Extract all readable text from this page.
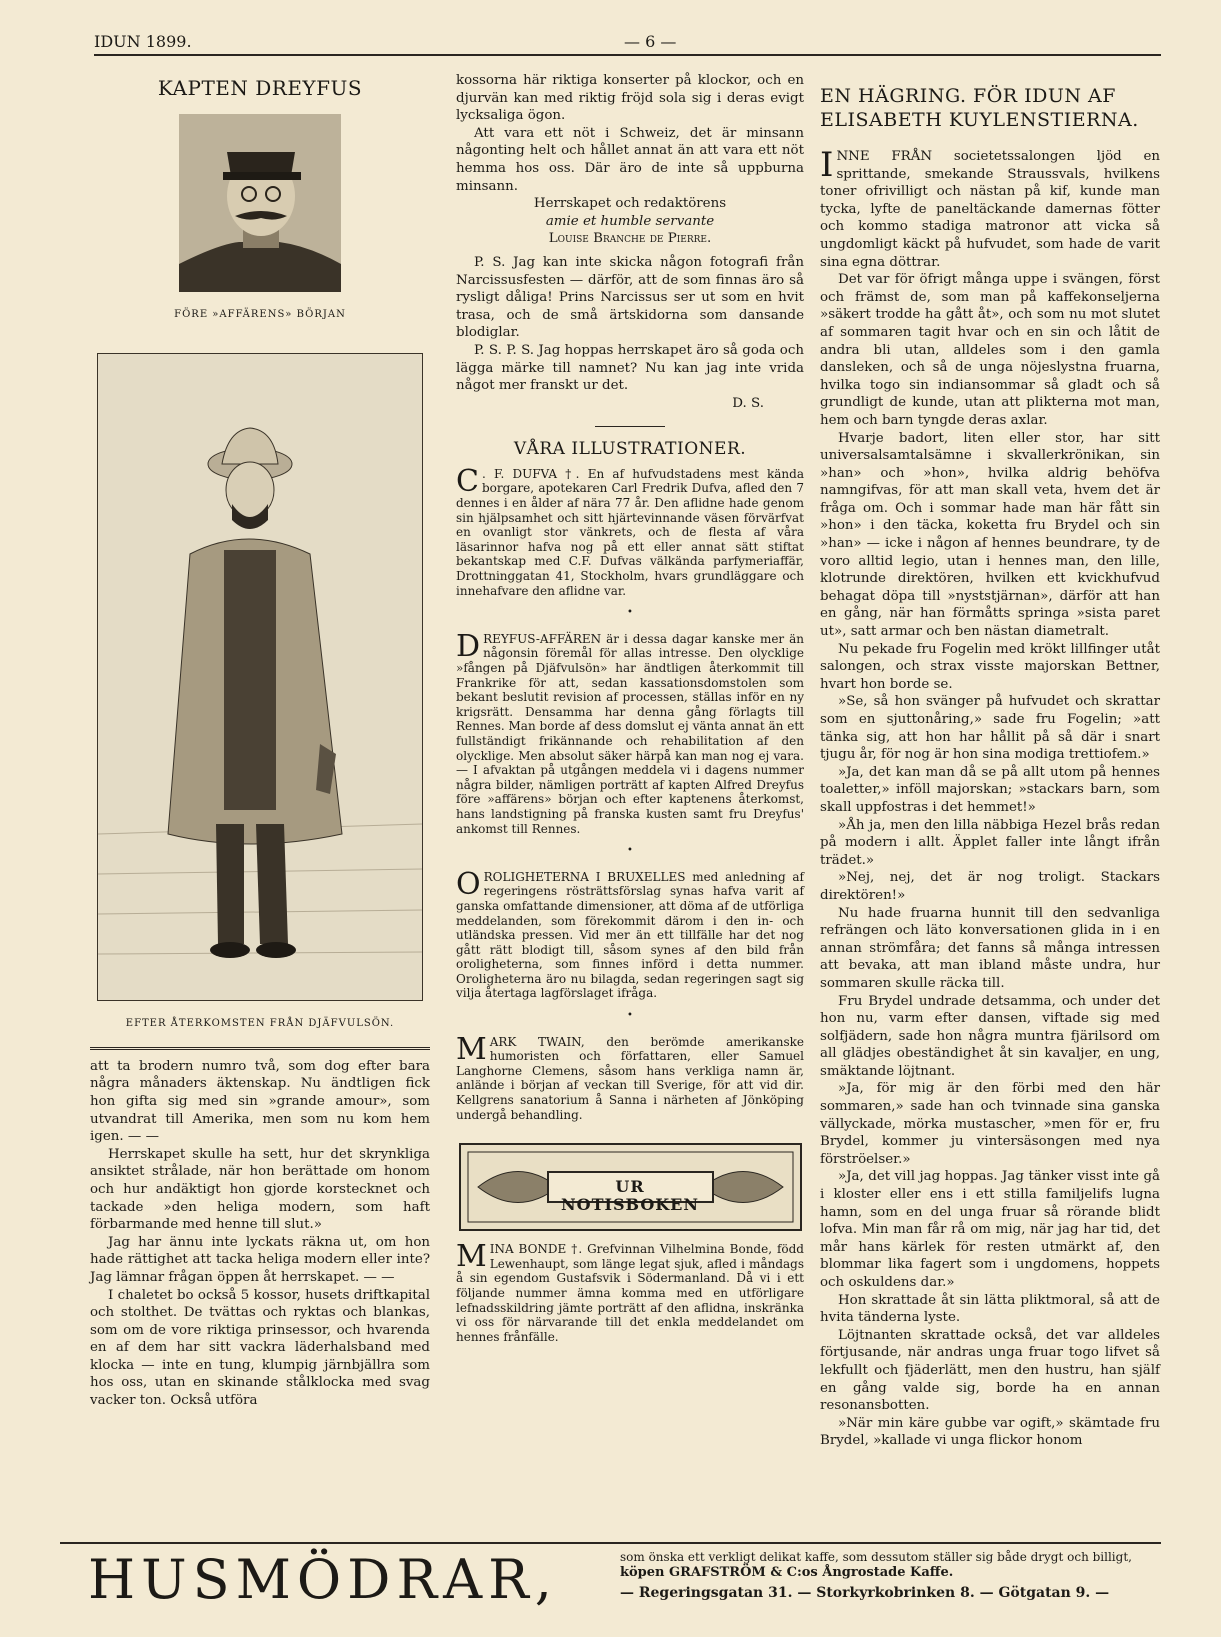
IDUN 1899.	— 6 —
KAPTEN DREYFUS
FÖRE »AFFÄRENS» BÖRJAN
EFTER ÅTERKOMSTEN FRÅN DJÄFVULSÖN.

att ta brodern numro två, som dog efter bara några månaders äktenskap. Nu ändtligen fick hon gifta sig med sin »grande amour», som utvandrat till Amerika, men som nu kom hem igen. — —

Herrskapet skulle ha sett, hur det skrynkliga ansiktet strålade, när hon berättade om honom och hur andäktigt hon gjorde korstecknet och tackade »den heliga modern, som haft förbarmande med henne till slut.»

Jag har ännu inte lyckats räkna ut, om hon hade rättighet att tacka heliga modern eller inte? Jag lämnar frågan öppen åt herrskapet. — —

I chaletet bo också 5 kossor, husets driftkapital och stolthet. De tvättas och ryktas och blankas, som om de vore riktiga prinsessor, och hvarenda en af dem har sitt vackra läderhalsband med klocka — inte en tung, klumpig järnbjällra som hos oss, utan en skinande stålklocka med svag vacker ton. Också utföra

kossorna här riktiga konserter på klockor, och en djurvän kan med riktig fröjd sola sig i deras evigt lycksaliga ögon.

Att vara ett nöt i Schweiz, det är minsann någonting helt och hållet annat än att vara ett nöt hemma hos oss. Där äro de inte så uppburna minsann.

Herrskapet och redaktörens
amie et humble servante
Louise Branche de Pierre.

P. S. Jag kan inte skicka någon fotografi från Narcissusfesten — därför, att de som finnas äro så rysligt dåliga! Prins Narcissus ser ut som en hvit trasa, och de små ärtskidorna som dansande blodiglar.

P. S. P. S. Jag hoppas herrskapet äro så goda och lägga märke till namnet? Nu kan jag inte vrida något mer franskt ur det.

D. S.
VÅRA ILLUSTRATIONER.
C . F. DUFVA †. En af hufvudstadens mest kända borgare, apotekaren Carl Fredrik Dufva, afled den 7 dennes i en ålder af nära 77 år. Den aflidne hade genom sin hjälpsamhet och sitt hjärtevinnande väsen förvärfvat en ovanligt stor vänkrets, och de flesta af våra läsarinnor hafva nog på ett eller annat sätt stiftat bekantskap med C.F. Dufvas välkända parfymeriaffär, Drottninggatan 41, Stockholm, hvars grundläggare och innehafvare den aflidne var.
•
DREYFUS-AFFÄREN är i dessa dagar kanske mer än någonsin föremål för allas intresse. Den olycklige »fången på Djäfvulsön» har ändtligen återkommit till Frankrike för att, sedan kassationsdomstolen som bekant beslutit revision af processen, ställas inför en ny krigsrätt. Densamma har denna gång förlagts till Rennes. Man borde af dess domslut ej vänta annat än ett fullständigt frikännande och rehabilitation af den olycklige. Men absolut säker härpå kan man nog ej vara. — I afvaktan på utgången meddela vi i dagens nummer några bilder, nämligen porträtt af kapten Alfred Dreyfus före »affärens» början och efter kaptenens återkomst, hans landstigning på franska kusten samt fru Dreyfus' ankomst till Rennes.
•
OROLIGHETERNA I BRUXELLES med anledning af regeringens rösträttsförslag synas hafva varit af ganska omfattande dimensioner, att döma af de utförliga meddelanden, som förekommit därom i den in- och utländska pressen. Vid mer än ett tillfälle har det nog gått rätt blodigt till, såsom synes af den bild från oroligheterna, som finnes införd i detta nummer. Oroligheterna äro nu bilagda, sedan regeringen sagt sig vilja återtaga lagförslaget ifråga.
•
MARK TWAIN, den berömde amerikanske humoristen och författaren, eller Samuel Langhorne Clemens, såsom hans verkliga namn är, anlände i början af veckan till Sverige, för att vid dir. Kellgrens sanatorium å Sanna i närheten af Jönköping undergå behandling.
UR NOTISBOKEN
MINA BONDE †. Grefvinnan Vilhelmina Bonde, född Lewenhaupt, som länge legat sjuk, afled i måndags å sin egendom Gustafsvik i Södermanland. Då vi i ett följande nummer ämna komma med en utförligare lefnadsskildring jämte porträtt af den aflidna, inskränka vi oss för närvarande till det enkla meddelandet om hennes frånfälle.
EN HÄGRING. FÖR IDUN AF ELISABETH KUYLENSTIERNA.

INNE FRÅN societetssalongen ljöd en sprittande, smekande Straussvals, hvilkens toner ofrivilligt och nästan på kif, kunde man tycka, lyfte de paneltäckande damernas fötter och kommo stadiga matronor att vicka så ungdomligt käckt på hufvudet, som hade de varit sina egna döttrar.

Det var för öfrigt många uppe i svängen, först och främst de, som man på kaffekonseljerna »säkert trodde ha gått åt», och som nu mot slutet af sommaren tagit hvar och en sin och låtit de andra bli utan, alldeles som i den gamla dansleken, och så de unga nöjeslystna fruarna, hvilka togo sin indiansommar så gladt och så grundligt de kunde, utan att plikterna mot man, hem och barn tyngde deras axlar.

Hvarje badort, liten eller stor, har sitt universalsamtalsämne i skvallerkrönikan, sin »han» och »hon», hvilka aldrig behöfva namngifvas, för att man skall veta, hvem det är fråga om. Och i sommar hade man här fått sin »hon» i den täcka, koketta fru Brydel och sin »han» — icke i någon af hennes beundrare, ty de voro alltid legio, utan i hennes man, den lille, klotrunde direktören, hvilken ett kvickhufvud behagat döpa till »nyststjärnan», därför att han en gång, när han förmåtts springa »sista paret ut», satt armar och ben nästan diametralt.

Nu pekade fru Fogelin med krökt lillfinger utåt salongen, och strax visste majorskan Bettner, hvart hon borde se.

»Se, så hon svänger på hufvudet och skrattar som en sjuttonåring,» sade fru Fogelin; »att tänka sig, att hon har hållit på så där i snart tjugu år, för nog är hon sina modiga trettiofem.»

»Ja, det kan man då se på allt utom på hennes toaletter,» inföll majorskan; »stackars barn, som skall uppfostras i det hemmet!»

»Åh ja, men den lilla näbbiga Hezel brås redan på modern i allt. Äpplet faller inte långt ifrån trädet.»

»Nej, nej, det är nog troligt. Stackars direktören!»

Nu hade fruarna hunnit till den sedvanliga refrängen och läto konversationen glida in i en annan strömfåra; det fanns så många intressen att bevaka, att man ibland måste undra, hur sommaren skulle räcka till.

Fru Brydel undrade detsamma, och under det hon nu, varm efter dansen, viftade sig med solfjädern, sade hon några muntra fjärilsord om all glädjes obeständighet åt sin kavaljer, en ung, smäktande löjtnant.

»Ja, för mig är den förbi med den här sommaren,» sade han och tvinnade sina ganska vällyckade, mörka mustascher, »men för er, fru Brydel, kommer ju vintersäsongen med nya förströelser.»

»Ja, det vill jag hoppas. Jag tänker visst inte gå i kloster eller ens i ett stilla familjelifs lugna hamn, som en del unga fruar så rörande blidt lofva. Min man får rå om mig, när jag har tid, det mår hans kärlek för resten utmärkt af, den blommar lika fagert som i ungdomens, hoppets och oskuldens dar.»

Hon skrattade åt sin lätta pliktmoral, så att de hvita tänderna lyste.

Löjtnanten skrattade också, det var alldeles förtjusande, när andras unga fruar togo lifvet så lekfullt och fjäderlätt, men den hustru, han själf en gång valde sig, borde ha en annan resonansbotten.

»När min käre gubbe var ogift,» skämtade fru Brydel, »kallade vi unga flickor honom

HUSMÖDRAR,	som önska ett verkligt delikat kaffe, som dessutom ställer sig både drygt och billigt,
köpen GRAFSTRÖM & C:os Ångrostade Kaffe.
— Regeringsgatan 31. — Storkyrkobrinken 8. — Götgatan 9. —
